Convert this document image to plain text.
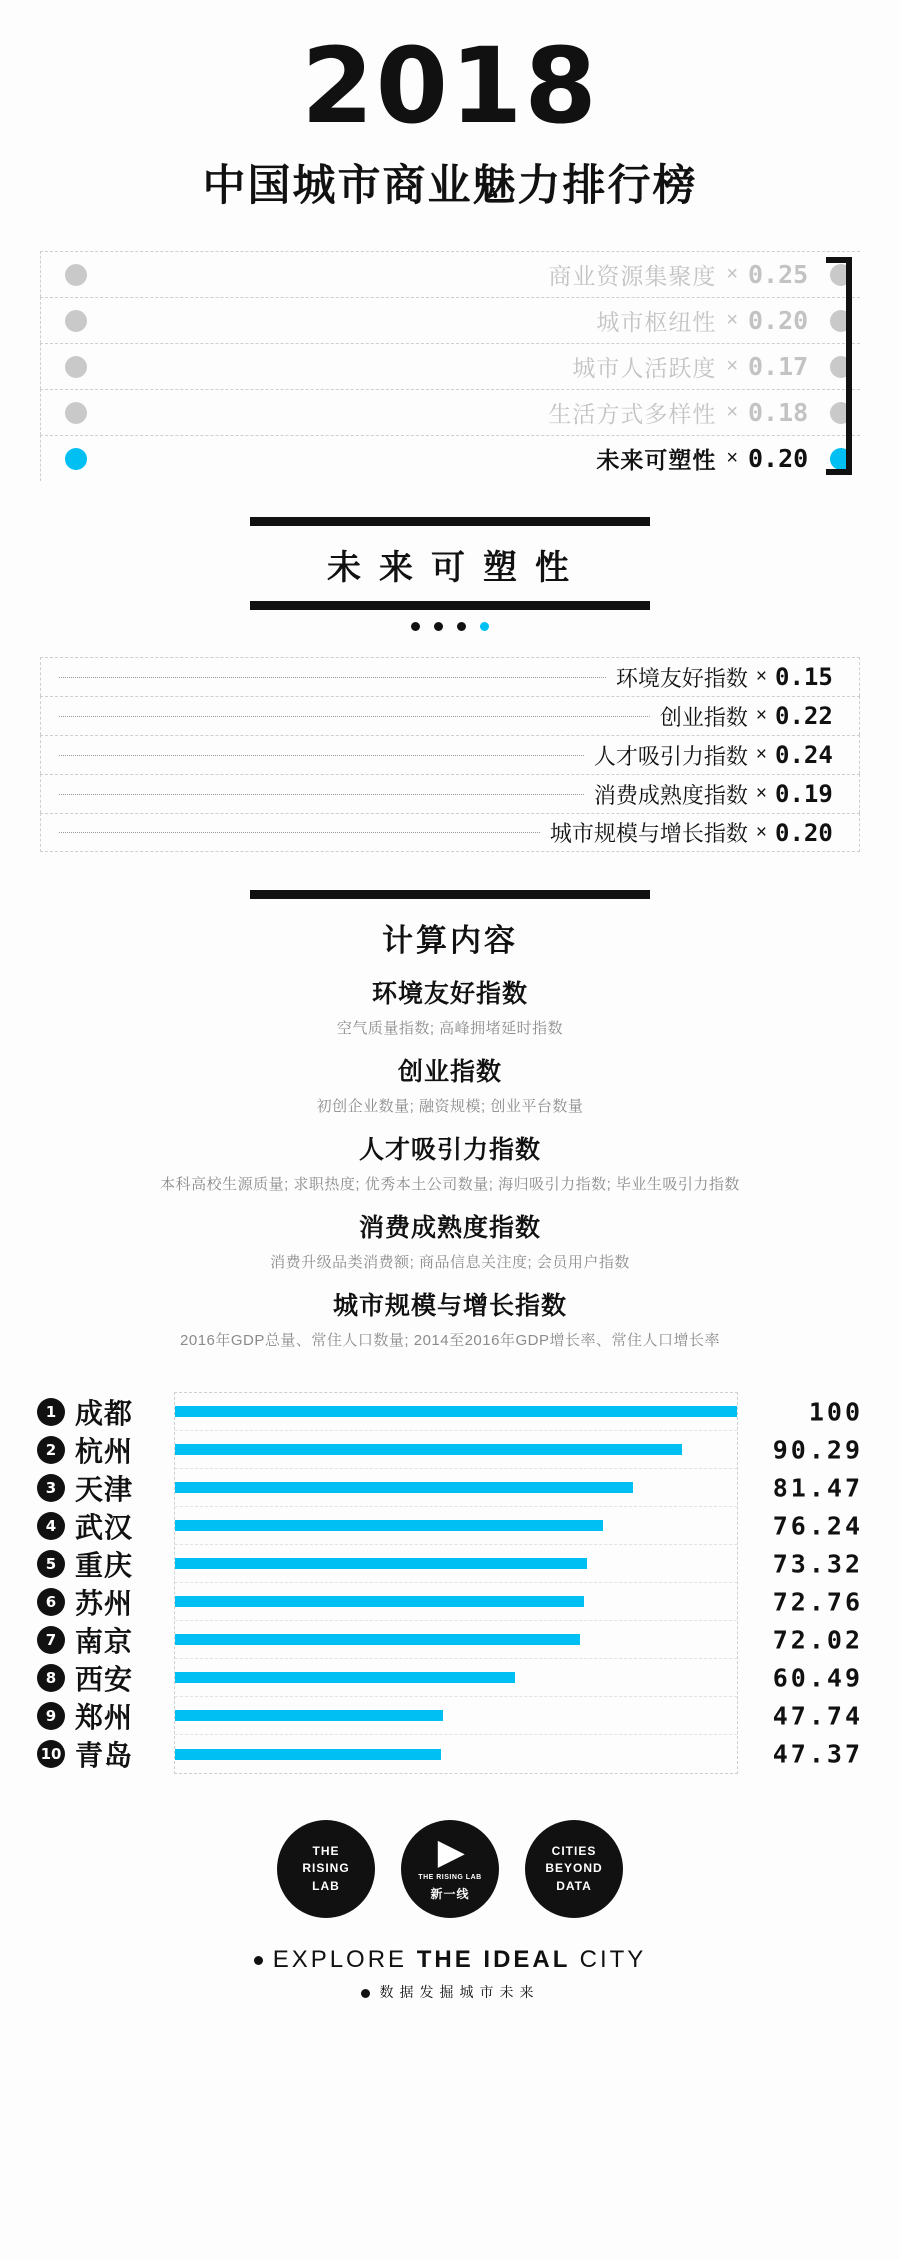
2018
中国城市商业魅力排行榜
商业资源集聚度 × 0.25
城市枢纽性 × 0.20
城市人活跃度 × 0.17
生活方式多样性 × 0.18
未来可塑性 × 0.20
未来可塑性
环境友好指数 × 0.15
创业指数 × 0.22
人才吸引力指数 × 0.24
消费成熟度指数 × 0.19
城市规模与增长指数 × 0.20
计算内容
环境友好指数
空气质量指数; 高峰拥堵延时指数
创业指数
初创企业数量; 融资规模; 创业平台数量
人才吸引力指数
本科高校生源质量; 求职热度; 优秀本土公司数量; 海归吸引力指数; 毕业生吸引力指数
消费成熟度指数
消费升级品类消费额; 商品信息关注度; 会员用户指数
城市规模与增长指数
2016年GDP总量、常住人口数量; 2014至2016年GDP增长率、常住人口增长率
1 成都	100
2 杭州	90.29
3 天津	81.47
4 武汉	76.24
5 重庆	73.32
6 苏州	72.76
7 南京	72.02
8 西安	60.49
9 郑州	47.74
10 青岛	47.37
THE
RISING
LAB
▶
THE RISING LAB
新一线
CITIES
BEYOND
DATA
EXPLORE THE IDEAL CITY
数据发掘城市未来
